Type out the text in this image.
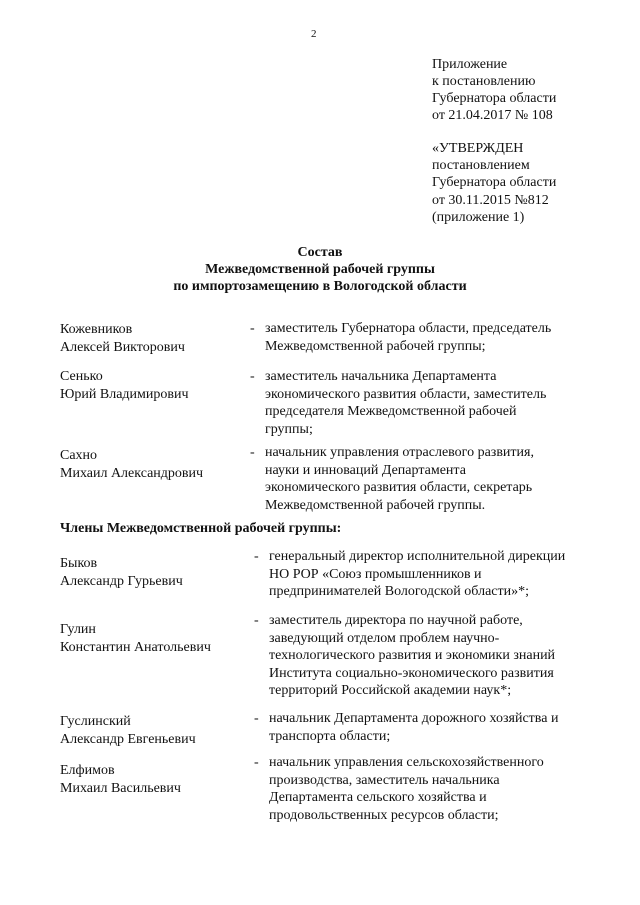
2
Приложение
к постановлению
Губернатора области
от 21.04.2017 № 108
«УТВЕРЖДЕН
постановлением
Губернатора области
от 30.11.2015 №812
(приложение 1)
Состав
Межведомственной рабочей группы
по импортозамещению в Вологодской области
Кожевников
Алексей Викторович
- заместитель Губернатора области, председатель
Межведомственной рабочей группы;
Сенько
Юрий Владимирович
- заместитель начальника Департамента
экономического развития области, заместитель
председателя Межведомственной рабочей
группы;
Сахно
Михаил Александрович
- начальник управления отраслевого развития,
науки и инноваций Департамента
экономического развития области, секретарь
Межведомственной рабочей группы.
Члены Межведомственной рабочей группы:
Быков
Александр Гурьевич
- генеральный директор исполнительной дирекции
НО РОР «Союз промышленников и
предпринимателей Вологодской области»*;
Гулин
Константин Анатольевич
- заместитель директора по научной работе,
заведующий отделом проблем научно-
технологического развития и экономики знаний
Института социально-экономического развития
территорий Российской академии наук*;
Гуслинский
Александр Евгеньевич
- начальник Департамента дорожного хозяйства и
транспорта области;
Елфимов
Михаил Васильевич
- начальник управления сельскохозяйственного
производства, заместитель начальника
Департамента сельского хозяйства и
продовольственных ресурсов области;
